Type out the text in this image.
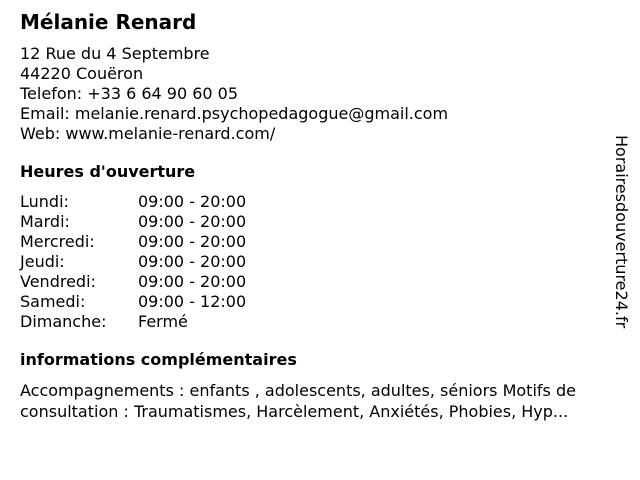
Mélanie Renard
12 Rue du 4 Septembre
44220 Couëron
Telefon: +33 6 64 90 60 05
Email: melanie.renard.psychopedagogue@gmail.com
Web: www.melanie-renard.com/
Heures d'ouverture
Lundi:	09:00 - 20:00
Mardi:	09:00 - 20:00
Mercredi:	09:00 - 20:00
Jeudi:	09:00 - 20:00
Vendredi:	09:00 - 20:00
Samedi:	09:00 - 12:00
Dimanche:	Fermé
informations complémentaires
Accompagnements : enfants , adolescents, adultes, séniors Motifs de consultation : Traumatismes, Harcèlement, Anxiétés, Phobies, Hyp...
Horairesdouverture24.fr
